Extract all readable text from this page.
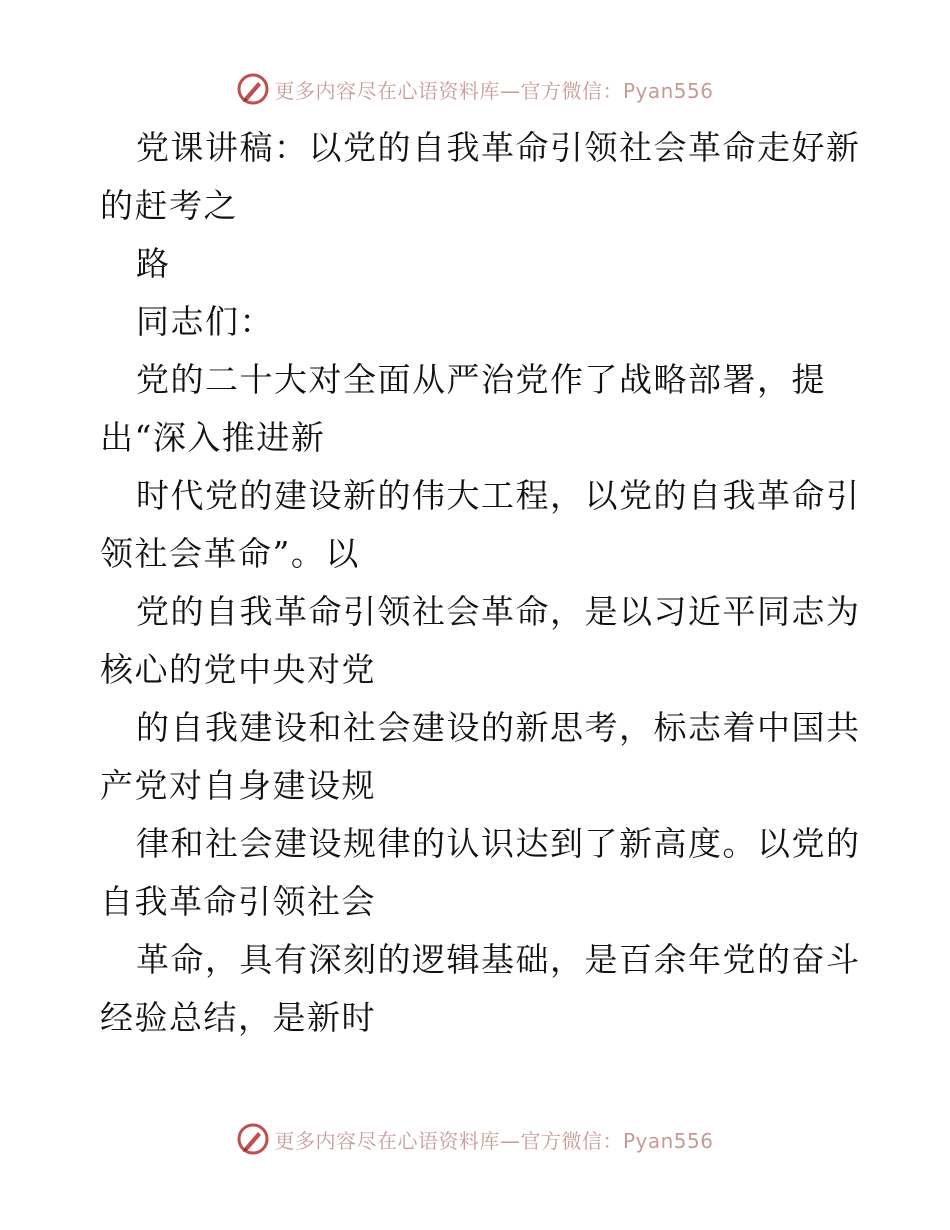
更多内容尽在心语资料库—官方微信：Pyan556
党课讲稿：以党的自我革命引领社会革命走好新
的赶考之
路
同志们：
党的二十大对全面从严治党作了战略部署，提
出“深入推进新
时代党的建设新的伟大工程，以党的自我革命引
领社会革命”。以
党的自我革命引领社会革命，是以习近平同志为
核心的党中央对党
的自我建设和社会建设的新思考，标志着中国共
产党对自身建设规
律和社会建设规律的认识达到了新高度。以党的
自我革命引领社会
革命，具有深刻的逻辑基础，是百余年党的奋斗
经验总结，是新时
更多内容尽在心语资料库—官方微信：Pyan556
